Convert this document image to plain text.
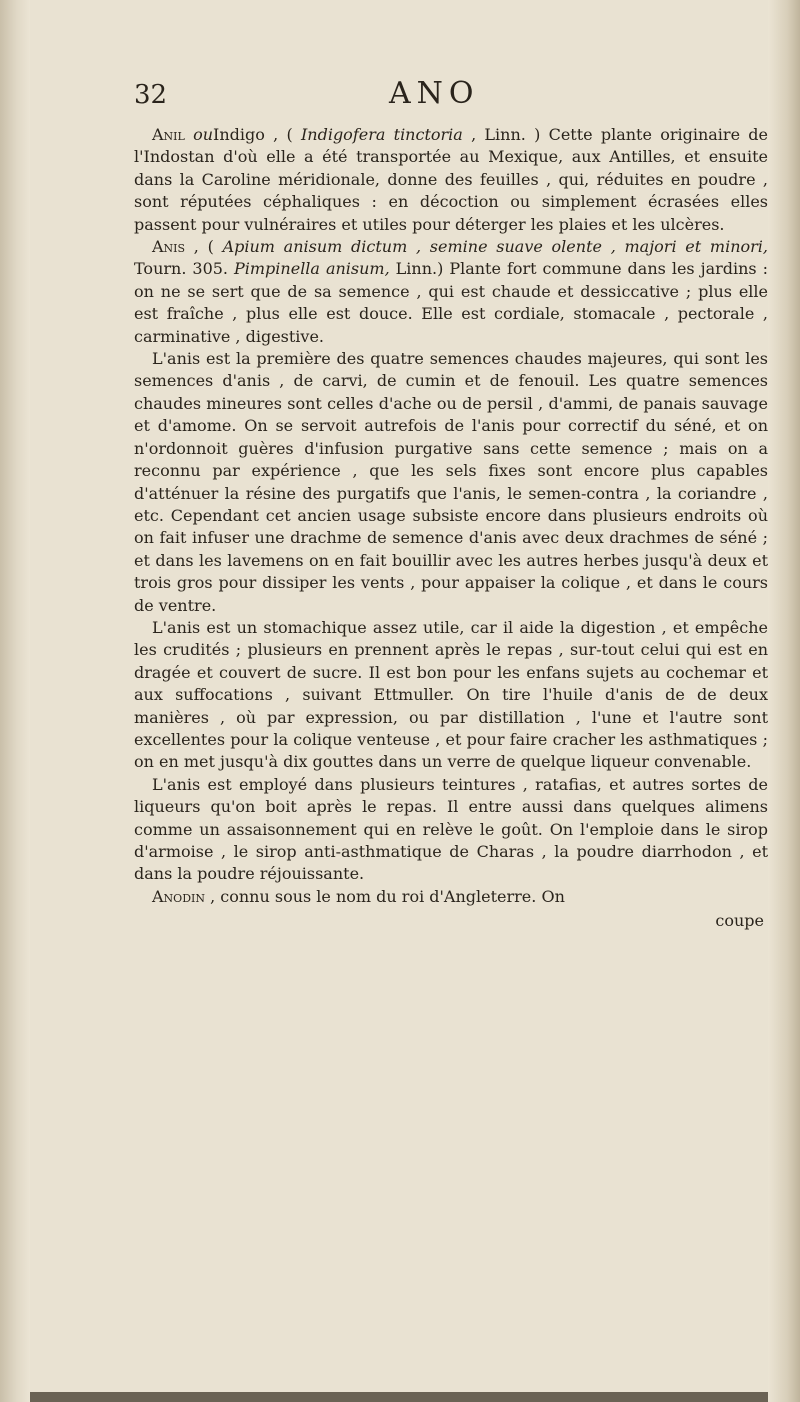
32	ANO

Anil ouIndigo , ( Indigofera tinctoria , Linn. ) Cette plante originaire de l'Indostan d'où elle a été transportée au Mexique, aux Antilles, et ensuite dans la Caroline méridionale, donne des feuilles , qui, réduites en poudre , sont réputées céphaliques : en décoction ou simplement écrasées elles passent pour vulnéraires et utiles pour déterger les plaies et les ulcères.

Anis , ( Apium anisum dictum , semine suave olente , majori et minori, Tourn. 305. Pimpinella anisum, Linn.) Plante fort commune dans les jardins : on ne se sert que de sa semence , qui est chaude et dessiccative ; plus elle est fraîche , plus elle est douce. Elle est cordiale, stomacale , pectorale , carminative , digestive.

L'anis est la première des quatre semences chaudes majeures, qui sont les semences d'anis , de carvi, de cumin et de fenouil. Les quatre semences chaudes mineures sont celles d'ache ou de persil , d'ammi, de panais sauvage et d'amome. On se servoit autrefois de l'anis pour correctif du séné, et on n'ordonnoit guères d'infusion purgative sans cette semence ; mais on a reconnu par expérience , que les sels fixes sont encore plus capables d'atténuer la résine des purgatifs que l'anis, le semen-contra , la coriandre , etc. Cependant cet ancien usage subsiste encore dans plusieurs endroits où on fait infuser une drachme de semence d'anis avec deux drachmes de séné ; et dans les lavemens on en fait bouillir avec les autres herbes jusqu'à deux et trois gros pour dissiper les vents , pour appaiser la colique , et dans le cours de ventre.

L'anis est un stomachique assez utile, car il aide la digestion , et empêche les crudités ; plusieurs en prennent après le repas , sur-tout celui qui est en dragée et couvert de sucre. Il est bon pour les enfans sujets au cochemar et aux suffocations , suivant Ettmuller. On tire l'huile d'anis de de deux manières , où par expression, ou par distillation , l'une et l'autre sont excellentes pour la colique venteuse , et pour faire cracher les asthmatiques ; on en met jusqu'à dix gouttes dans un verre de quelque liqueur convenable.

L'anis est employé dans plusieurs teintures , ratafias, et autres sortes de liqueurs qu'on boit après le repas. Il entre aussi dans quelques alimens comme un assaisonnement qui en relève le goût. On l'emploie dans le sirop d'armoise , le sirop anti-asthmatique de Charas , la poudre diarrhodon , et dans la poudre réjouissante.

Anodin , connu sous le nom du roi d'Angleterre. On

coupe
